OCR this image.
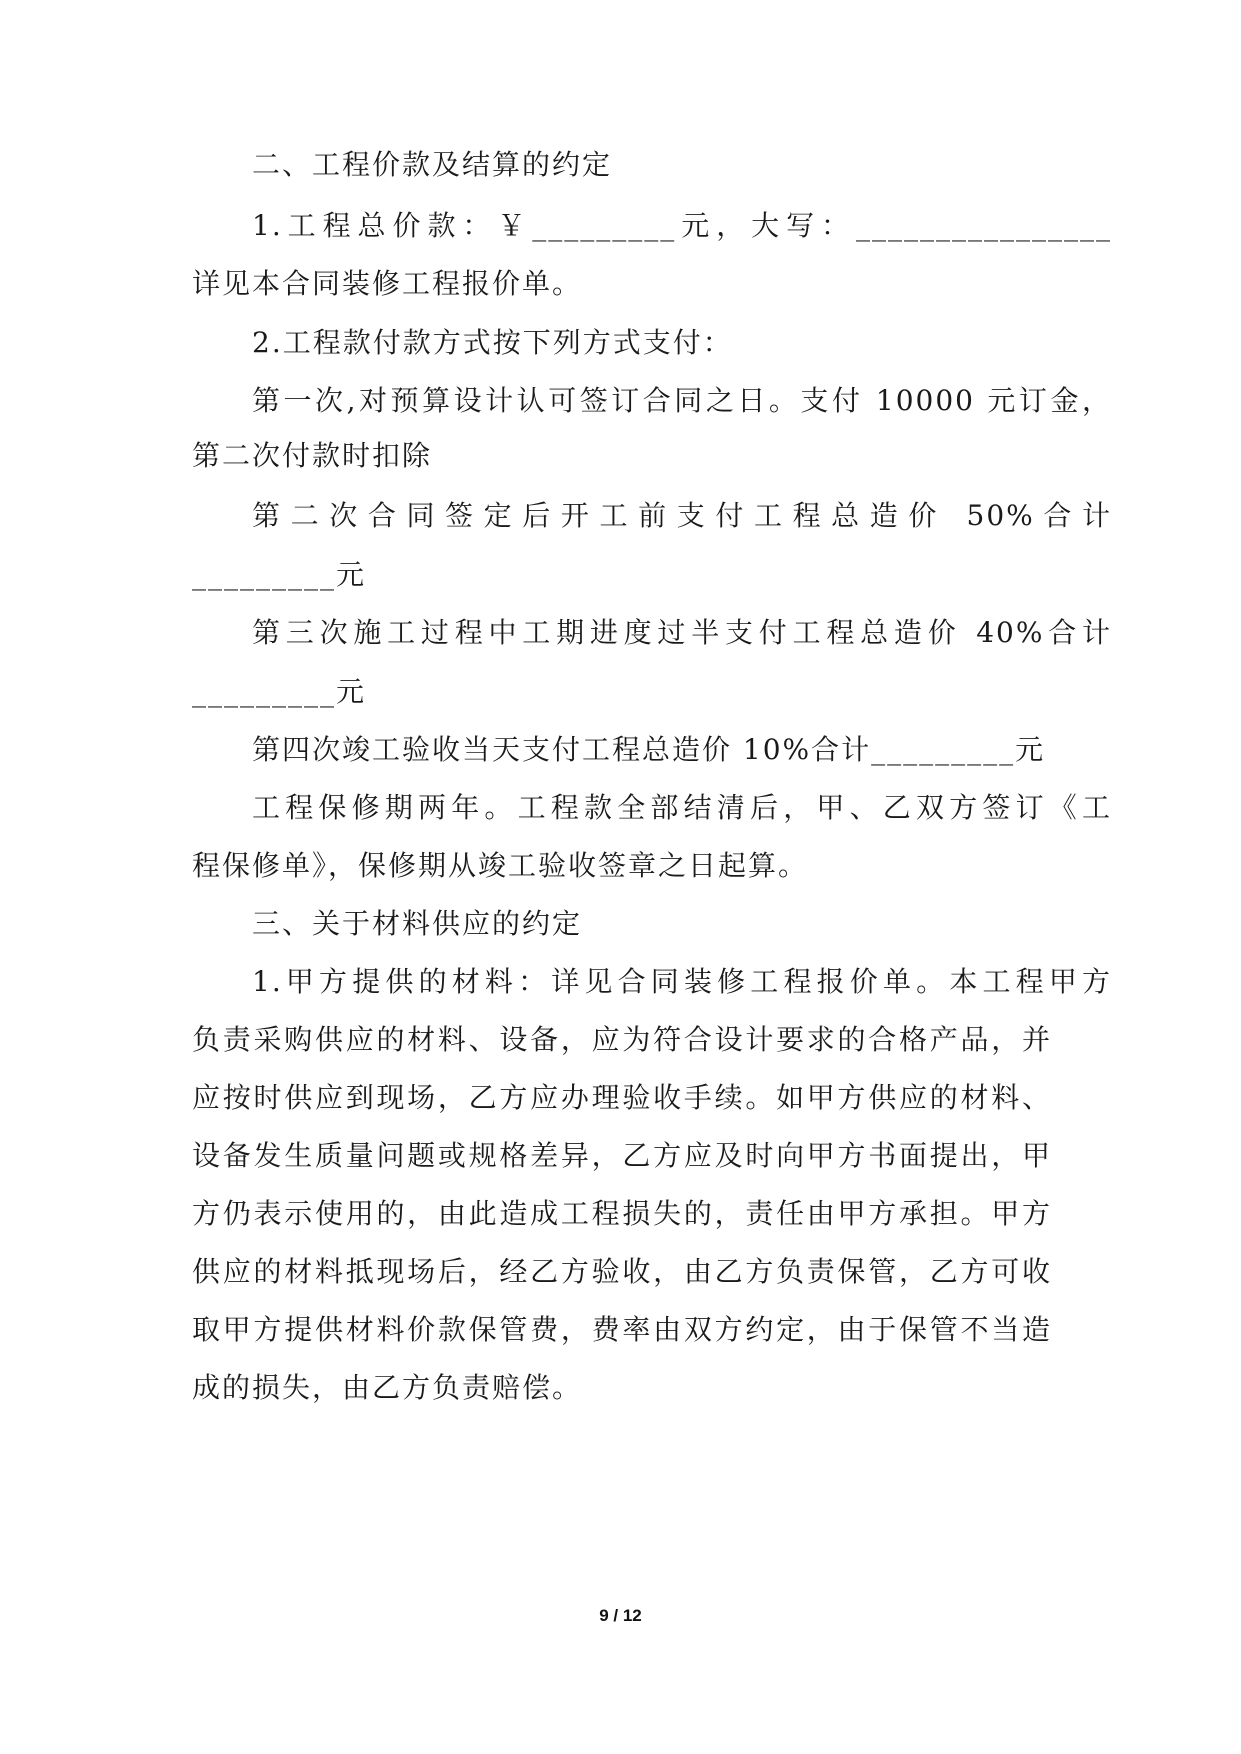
二、工程价款及结算的约定
1.工程总价款：￥_________元，大写：________________
详见本合同装修工程报价单。
2.工程款付款方式按下列方式支付：
第一次,对预算设计认可签订合同之日。支付 10000 元订金，
第二次付款时扣除
第二次合同签定后开工前支付工程总造价 50%合计
_________元
第三次施工过程中工期进度过半支付工程总造价 40%合计
_________元
第四次竣工验收当天支付工程总造价 10%合计_________元
工程保修期两年。工程款全部结清后，甲、乙双方签订《工
程保修单》，保修期从竣工验收签章之日起算。
三、关于材料供应的约定
1.甲方提供的材料：详见合同装修工程报价单。本工程甲方
负责采购供应的材料、设备，应为符合设计要求的合格产品，并
应按时供应到现场，乙方应办理验收手续。如甲方供应的材料、
设备发生质量问题或规格差异，乙方应及时向甲方书面提出，甲
方仍表示使用的，由此造成工程损失的，责任由甲方承担。甲方
供应的材料抵现场后，经乙方验收，由乙方负责保管，乙方可收
取甲方提供材料价款保管费，费率由双方约定，由于保管不当造
成的损失，由乙方负责赔偿。
9 / 12
